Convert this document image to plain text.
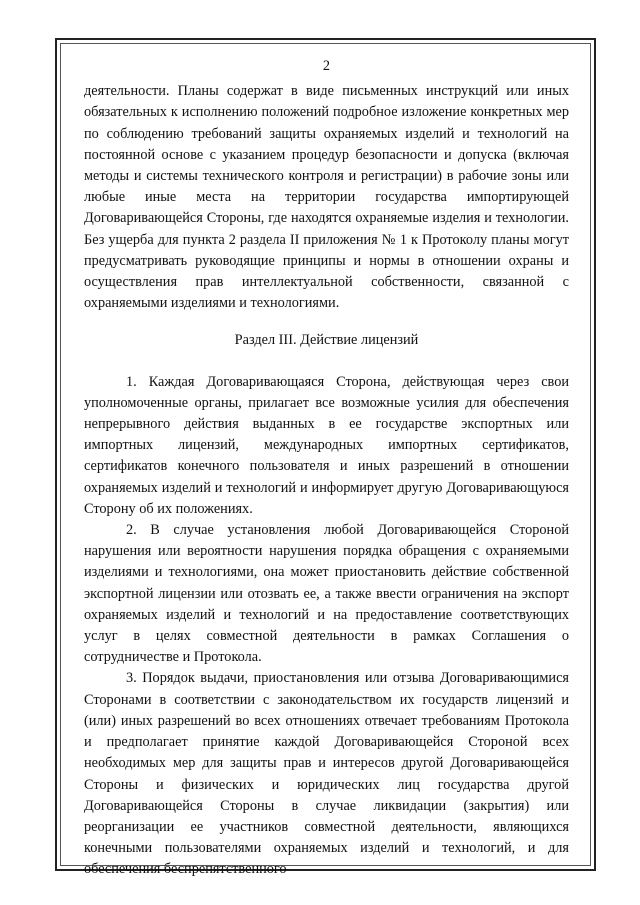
2

деятельности. Планы содержат в виде письменных инструкций или иных обязательных к исполнению положений подробное изложение конкретных мер по соблюдению требований защиты охраняемых изделий и технологий на постоянной основе с указанием процедур безопасности и допуска (включая методы и системы технического контроля и регистрации) в рабочие зоны или любые иные места на территории государства импортирующей Договаривающейся Стороны, где находятся охраняемые изделия и технологии. Без ущерба для пункта 2 раздела II приложения № 1 к Протоколу планы могут предусматривать руководящие принципы и нормы в отношении охраны и осуществления прав интеллектуальной собственности, связанной с охраняемыми изделиями и технологиями.

Раздел III. Действие лицензий

1. Каждая Договаривающаяся Сторона, действующая через свои уполномоченные органы, прилагает все возможные усилия для обеспечения непрерывного действия выданных в ее государстве экспортных или импортных лицензий, международных импортных сертификатов, сертификатов конечного пользователя и иных разрешений в отношении охраняемых изделий и технологий и информирует другую Договаривающуюся Сторону об их положениях.

2. В случае установления любой Договаривающейся Стороной нарушения или вероятности нарушения порядка обращения с охраняемыми изделиями и технологиями, она может приостановить действие собственной экспортной лицензии или отозвать ее, а также ввести ограничения на экспорт охраняемых изделий и технологий и на предоставление соответствующих услуг в целях совместной деятельности в рамках Соглашения о сотрудничестве и Протокола.

3. Порядок выдачи, приостановления или отзыва Договаривающимися Сторонами в соответствии с законодательством их государств лицензий и (или) иных разрешений во всех отношениях отвечает требованиям Протокола и предполагает принятие каждой Договаривающейся Стороной всех необходимых мер для защиты прав и интересов другой Договаривающейся Стороны и физических и юридических лиц государства другой Договаривающейся Стороны в случае ликвидации (закрытия) или реорганизации ее участников совместной деятельности, являющихся конечными пользователями охраняемых изделий и технологий, и для обеспечения беспрепятственного
